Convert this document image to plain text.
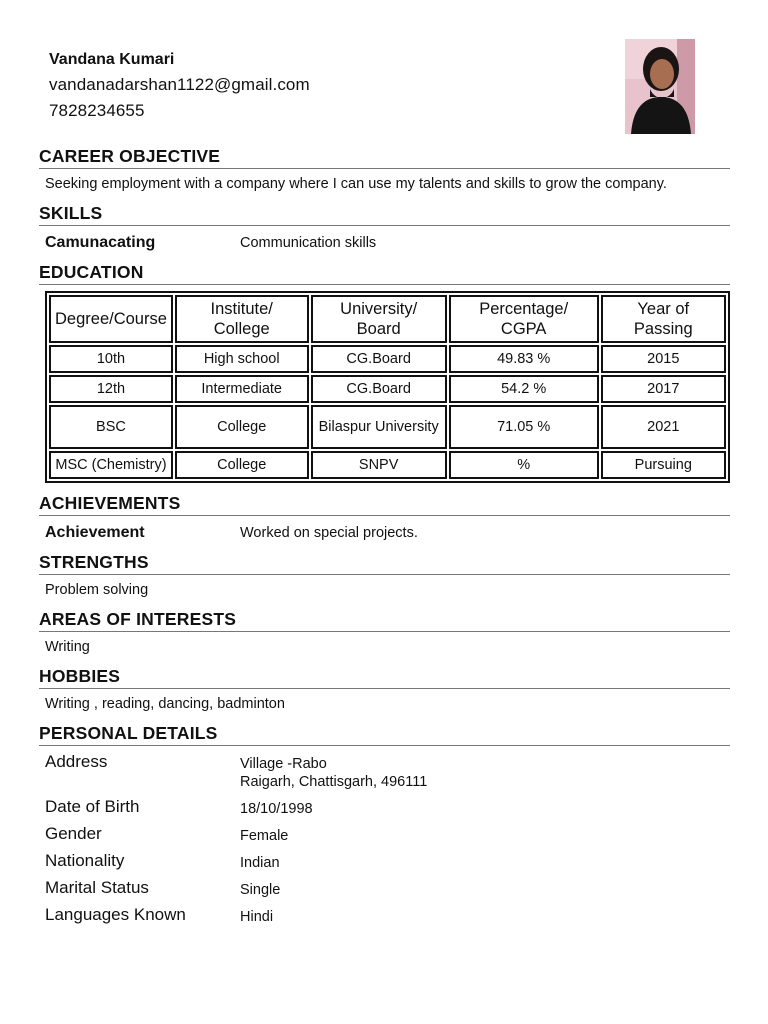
Vandana Kumari
vandanadarshan1122@gmail.com
7828234655
CAREER OBJECTIVE

Seeking employment with a company where I can use my talents and skills to grow the company.

SKILLS
Camunacating	Communication skills
EDUCATION
Degree/Course	Institute/ College	University/ Board	Percentage/ CGPA	Year of Passing
10th	High school	CG.Board	49.83 %	2015
12th	Intermediate	CG.Board	54.2 %	2017
BSC	College	Bilaspur University	71.05 %	2021
MSC (Chemistry)	College	SNPV	%	Pursuing
ACHIEVEMENTS
Achievement	Worked on special projects.
STRENGTHS

Problem solving

AREAS OF INTERESTS

Writing

HOBBIES

Writing , reading, dancing, badminton

PERSONAL DETAILS
Address	Village -Rabo
Raigarh, Chattisgarh, 496111
Date of Birth	18/10/1998
Gender	Female
Nationality	Indian
Marital Status	Single
Languages Known	Hindi
